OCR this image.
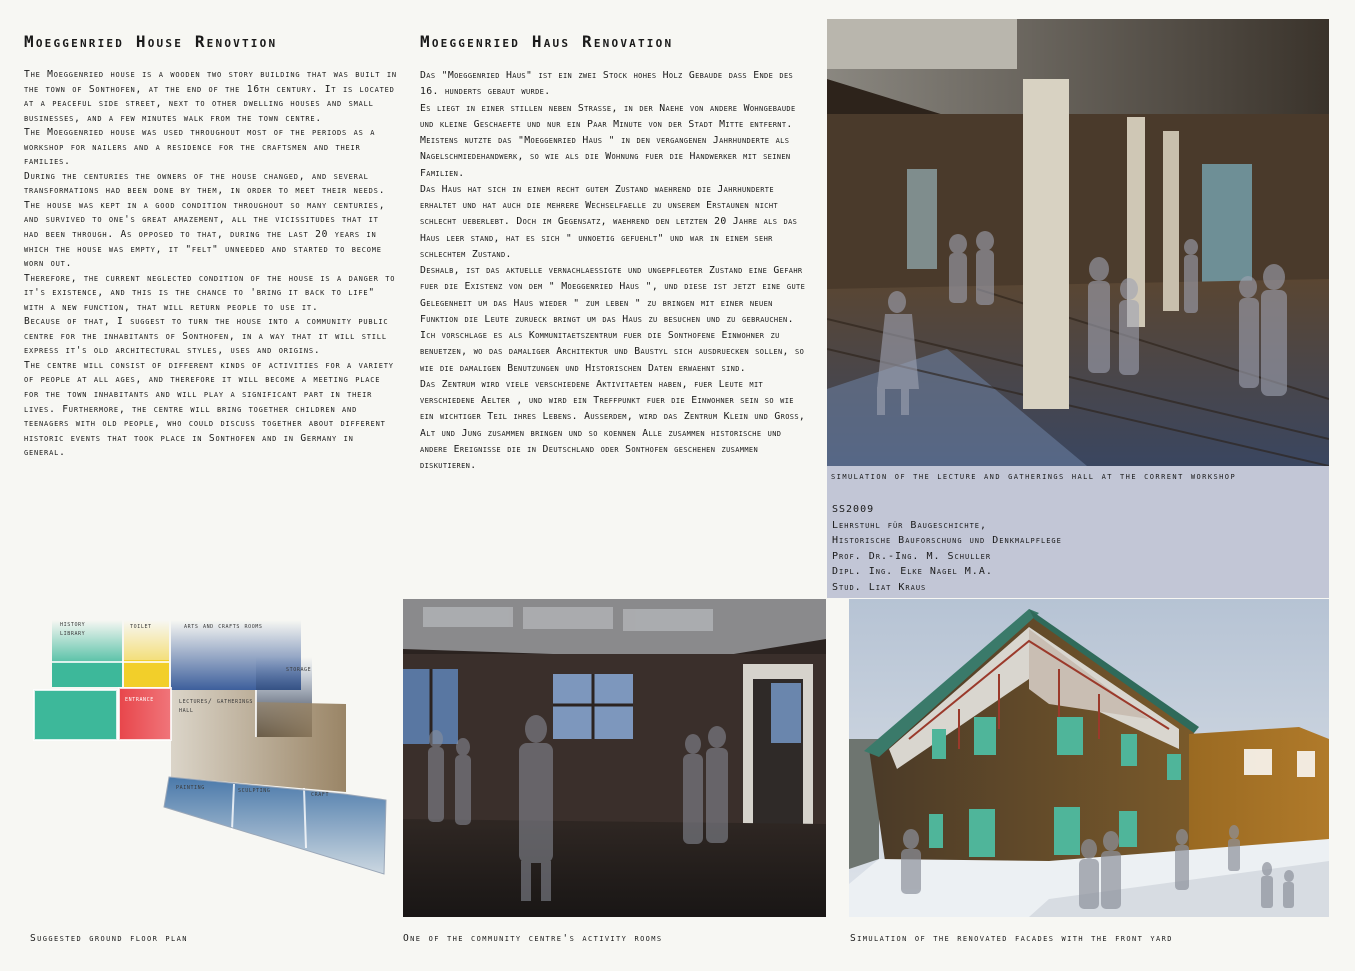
Moeggenried House Renovtion

The Moeggenried house is a wooden two story building that was built in the town of Sonthofen, at the end of the 16th century. It is located at a peaceful side street, next to other dwelling houses and small businesses, and a few minutes walk from the town centre.

The Moeggenried house was used throughout most of the periods as a workshop for nailers and a residence for the craftsmen and their families.

During the centuries the owners of the house changed, and several transformations had been done by them, in order to meet their needs.

The house was kept in a good condition throughout so many centuries, and survived to one's great amazement, all the vicissitudes that it had been through. As opposed to that, during the last 20 years in which the house was empty, it "felt" unneeded and started to become worn out.

Therefore, the current neglected condition of the house is a danger to it's existence, and this is the chance to 'bring it back to life" with a new function, that will return people to use it.

Because of that, I suggest to turn the house into a community public centre for the inhabitants of Sonthofen, in a way that it will still express it's old architectural styles, uses and origins.

The centre will consist of different kinds of activities for a variety of people at all ages, and therefore it will become a meeting place for the town inhabitants and will play a significant part in their lives. Furthermore, the centre will bring together children and teenagers with old people, who could discuss together about different historic events that took place in Sonthofen and in Germany in general.

Moeggenried Haus Renovation

Das "Moeggenried Haus" ist ein zwei Stock hohes Holz Gebaude dass Ende des 16. hunderts gebaut wurde.

Es liegt in einer stillen neben Strasse, in der Naehe von andere Wohngebaude und kleine Geschaefte und nur ein Paar Minute von der Stadt Mitte entfernt.

Meistens nutzte das "Moeggenried Haus " in den vergangenen Jahrhunderte als Nagelschmiedehandwerk, so wie als die Wohnung fuer die Handwerker mit seinen Familien.

Das Haus hat sich in einem recht gutem Zustand waehrend die Jahrhunderte erhaltet und hat auch die mehrere Wechselfaelle zu unserem Erstaunen nicht schlecht ueberlebt. Doch im Gegensatz, waehrend den letzten 20 Jahre als das Haus leer stand, hat es sich " unnoetig gefuehlt" und war in einem sehr schlechtem Zustand.

Deshalb, ist das aktuelle vernachlaessigte und ungepflegter Zustand eine Gefahr fuer die Existenz von dem " Moeggenried Haus ", und diese ist jetzt eine gute Gelegenheit um das Haus wieder " zum leben " zu bringen mit einer neuen Funktion die Leute zurueck bringt um das Haus zu besuchen und zu gebrauchen.

Ich vorschlage es als Kommunitaetszentrum fuer die Sonthofene Einwohner zu benuetzen, wo das damaliger Architektur und Baustyl sich ausdruecken sollen, so wie die damaligen Benutzungen und Historischen Daten erwaehnt sind.

Das Zentrum wird viele verschiedene Aktivitaeten haben, fuer Leute mit verschiedene Aelter , und wird ein Treffpunkt fuer die Einwohner sein so wie ein wichtiger Teil ihres Lebens. Ausserdem, wird das Zentrum Klein und Gross, Alt und Jung zusammen bringen und so koennen Alle zusammen historische und andere Ereignisse die in Deutschland oder Sonthofen geschehen zusammen diskutieren.

simulation of the lecture and gatherings hall at the corrent workshop
SS2009
Lehrstuhl für Baugeschichte,
Historische Bauforschung und Denkmalpflege
Prof. Dr.-Ing. M. Schuller
Dipl. Ing. Elke Nagel M.A.
Stud. Liat Kraus
history library
toilet	arts and crafts rooms
storage
entrance	lectures/ gatherings hall
painting	sculpting	craft
Suggested ground floor plan	One of the community centre's activity rooms	Simulation of the renovated facades with the front yard
